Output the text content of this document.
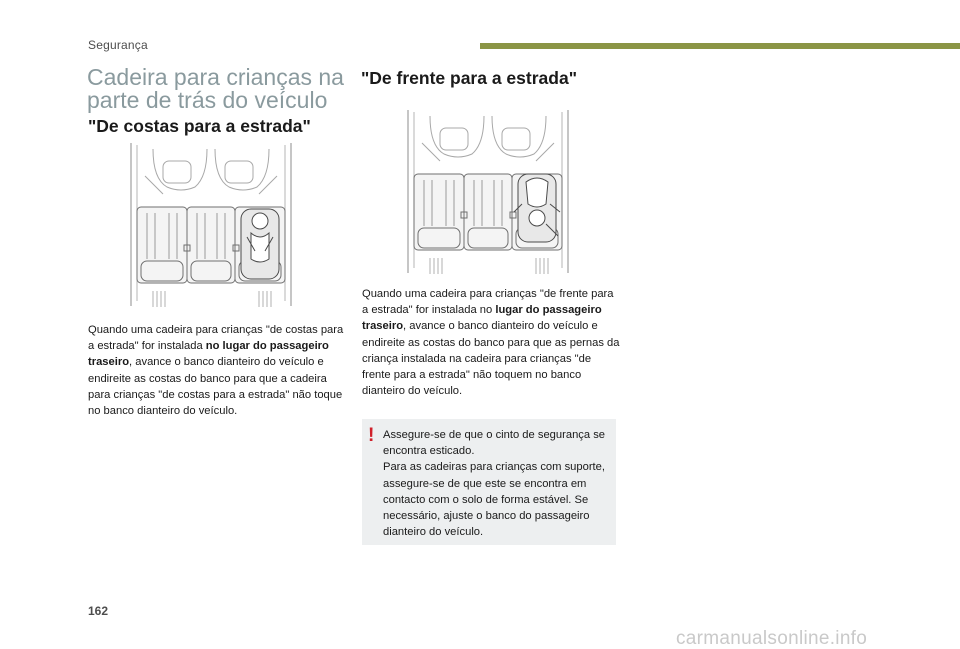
Segurança
Cadeira para crianças na
parte de trás do veículo
"De costas para a estrada"
"De frente para a estrada"
Quando uma cadeira para crianças "de costas para a estrada" for instalada no lugar do passageiro traseiro, avance o banco dianteiro do veículo e endireite as costas do banco para que a cadeira para crianças "de costas para a estrada" não toque no banco dianteiro do veículo.
Quando uma cadeira para crianças "de frente para a estrada" for instalada no lugar do passageiro traseiro, avance o banco dianteiro do veículo e endireite as costas do banco para que as pernas da criança instalada na cadeira para crianças "de frente para a estrada" não toquem no banco dianteiro do veículo.
! Assegure-se de que o cinto de segurança se encontra esticado.

Para as cadeiras para crianças com suporte, assegure-se de que este se encontra em contacto com o solo de forma estável. Se necessário, ajuste o banco do passageiro dianteiro do veículo.

162
carmanualsonline.info
